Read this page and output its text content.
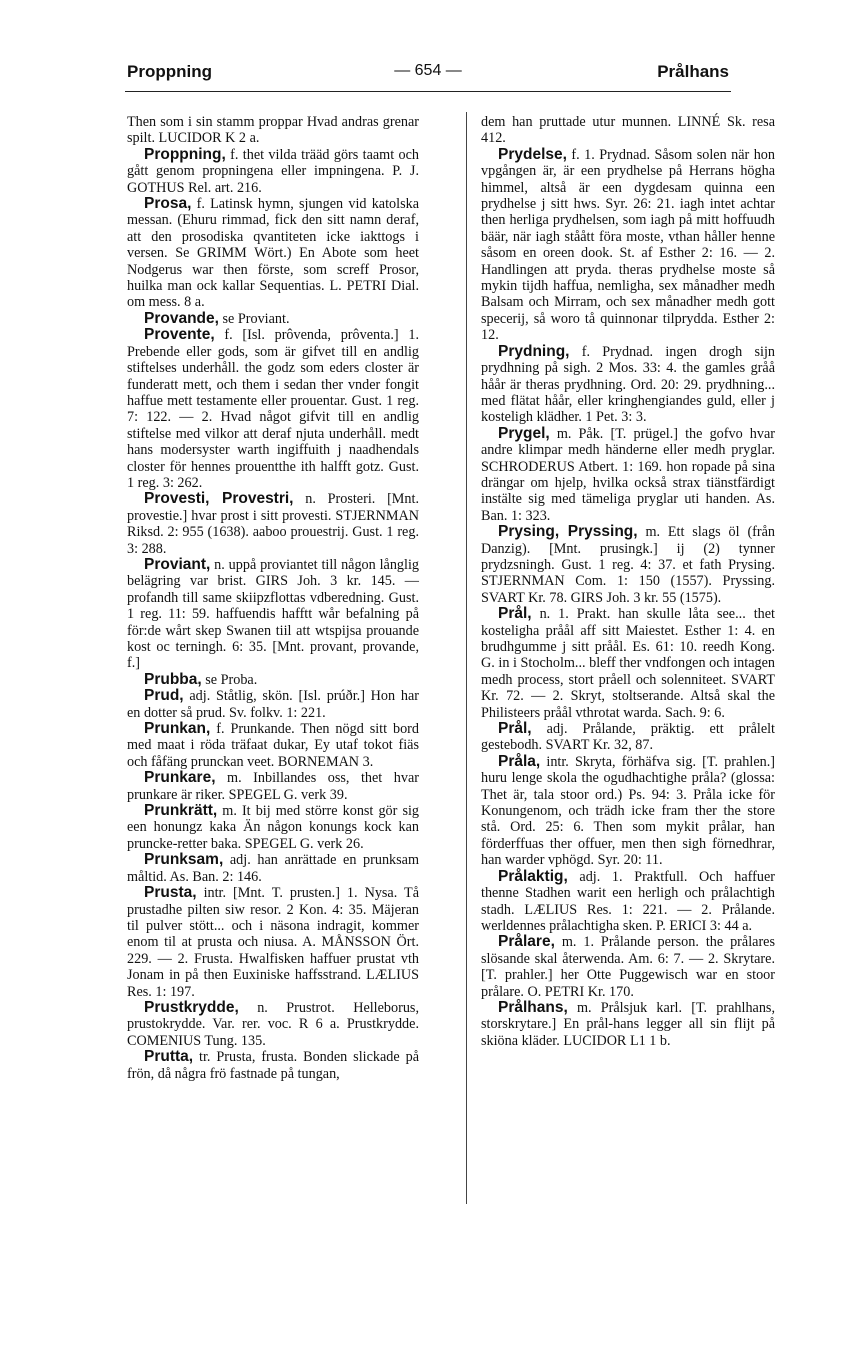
Proppning	— 654 —	Prålhans

Then som i sin stamm proppar Hvad andras grenar spilt. LUCIDOR K 2 a.

Proppning, f. thet vilda trääd görs taamt och gått genom propningena eller impningena. P. J. GOTHUS Rel. art. 216.

Prosa, f. Latinsk hymn, sjungen vid katolska messan. (Ehuru rimmad, fick den sitt namn deraf, att den prosodiska qvantiteten icke iakttogs i versen. Se GRIMM Wört.) En Abote som heet Nodgerus war then förste, som screff Prosor, huilka man ock kallar Sequentias. L. PETRI Dial. om mess. 8 a.

Provande, se Proviant.

Provente, f. [Isl. prôvenda, prôventa.] 1. Prebende eller gods, som är gifvet till en andlig stiftelses underhåll. the godz som eders closter är funderatt mett, och them i sedan ther vnder fongit haffue mett testamente eller prouentar. Gust. 1 reg. 7: 122. — 2. Hvad något gifvit till en andlig stiftelse med vilkor att deraf njuta underhåll. medt hans modersyster warth ingiffuith j naadhendals closter för hennes prouentthe ith halfft gotz. Gust. 1 reg. 3: 262.

Provesti, Provestri, n. Prosteri. [Mnt. provestie.] hvar prost i sitt provesti. STJERNMAN Riksd. 2: 955 (1638). aaboo prouestrij. Gust. 1 reg. 3: 288.

Proviant, n. uppå proviantet till någon långlig belägring var brist. GIRS Joh. 3 kr. 145. — profandh till same skiipzflottas vdberedning. Gust. 1 reg. 11: 59. haffuendis hafftt wår befalning på för:de wårt skep Swanen tiil att wtspijsa prouande kost oc terningh. 6: 35. [Mnt. provant, provande, f.]

Prubba, se Proba.

Prud, adj. Ståtlig, skön. [Isl. prúðr.] Hon har en dotter så prud. Sv. folkv. 1: 221.

Prunkan, f. Prunkande. Then nögd sitt bord med maat i röda träfaat dukar, Ey utaf tokot fiäs och fåfäng prunckan veet. BORNEMAN 3.

Prunkare, m. Inbillandes oss, thet hvar prunkare är riker. SPEGEL G. verk 39.

Prunkrätt, m. It bij med större konst gör sig een honungz kaka Än någon konungs kock kan pruncke-retter baka. SPEGEL G. verk 26.

Prunksam, adj. han anrättade en prunksam måltid. As. Ban. 2: 146.

Prusta, intr. [Mnt. T. prusten.] 1. Nysa. Tå prustadhe pilten siw resor. 2 Kon. 4: 35. Mäjeran til pulver stött... och i näsona indragit, kommer enom til at prusta och niusa. A. MÅNSSON Ört. 229. — 2. Frusta. Hwalfisken haffuer prustat vth Jonam in på then Euxiniske haffsstrand. LÆLIUS Res. 1: 197.

Prustkrydde, n. Prustrot. Helleborus, prustokrydde. Var. rer. voc. R 6 a. Prustkrydde. COMENIUS Tung. 135.

Prutta, tr. Prusta, frusta. Bonden slickade på frön, då några frö fastnade på tungan,

dem han pruttade utur munnen. LINNÉ Sk. resa 412.

Prydelse, f. 1. Prydnad. Såsom solen när hon vpgången är, är een prydhelse på Herrans högha himmel, altså är een dygdesam quinna een prydhelse j sitt hws. Syr. 26: 21. iagh intet achtar then herliga prydhelsen, som iagh på mitt hoffuudh bäär, när iagh ståått föra moste, vthan håller henne såsom en oreen dook. St. af Esther 2: 16. — 2. Handlingen att pryda. theras prydhelse moste så mykin tijdh haffua, nemligha, sex månadher medh Balsam och Mirram, och sex månadher medh gott specerij, så woro tå quinnonar tilprydda. Esther 2: 12.

Prydning, f. Prydnad. ingen drogh sijn prydhning på sigh. 2 Mos. 33: 4. the gamles gråå håår är theras prydhning. Ord. 20: 29. prydhning... med flätat håår, eller kringhengiandes guld, eller j kosteligh klädher. 1 Pet. 3: 3.

Prygel, m. Påk. [T. prügel.] the gofvo hvar andre klimpar medh händerne eller medh pryglar. SCHRODERUS Atbert. 1: 169. hon ropade på sina drängar om hjelp, hvilka också strax tiänstfärdigt instälte sig med tämeliga pryglar uti handen. As. Ban. 1: 323.

Prysing, Pryssing, m. Ett slags öl (från Danzig). [Mnt. prusingk.] ij (2) tynner prydzsningh. Gust. 1 reg. 4: 37. et fath Prysing. STJERNMAN Com. 1: 150 (1557). Pryssing. SVART Kr. 78. GIRS Joh. 3 kr. 55 (1575).

Prål, n. 1. Prakt. han skulle låta see... thet kosteligha pråål aff sitt Maiestet. Esther 1: 4. en brudhgumme j sitt pråål. Es. 61: 10. reedh Kong. G. in i Stocholm... bleff ther vndfongen och intagen medh process, stort pråell och solenniteet. SVART Kr. 72. — 2. Skryt, stoltserande. Altså skal the Philisteers pråål vthrotat warda. Sach. 9: 6.

Prål, adj. Prålande, präktig. ett prålelt gestebodh. SVART Kr. 32, 87.

Pråla, intr. Skryta, förhäfva sig. [T. prahlen.] huru lenge skola the ogudhachtighe pråla? (glossa: Thet är, tala stoor ord.) Ps. 94: 3. Pråla icke för Konungenom, och trädh icke fram ther the store stå. Ord. 25: 6. Then som mykit prålar, han förderffuas ther offuer, men then sigh förnedhrar, han warder vphögd. Syr. 20: 11.

Prålaktig, adj. 1. Praktfull. Och haffuer thenne Stadhen warit een herligh och prålachtigh stadh. LÆLIUS Res. 1: 221. — 2. Prålande. werldennes prålachtigha sken. P. ERICI 3: 44 a.

Prålare, m. 1. Prålande person. the prålares slösande skal återwenda. Am. 6: 7. — 2. Skrytare. [T. prahler.] her Otte Puggewisch war en stoor prålare. O. PETRI Kr. 170.

Prålhans, m. Prålsjuk karl. [T. prahlhans, storskrytare.] En prål-hans legger all sin flijt på skiöna kläder. LUCIDOR L1 1 b.
